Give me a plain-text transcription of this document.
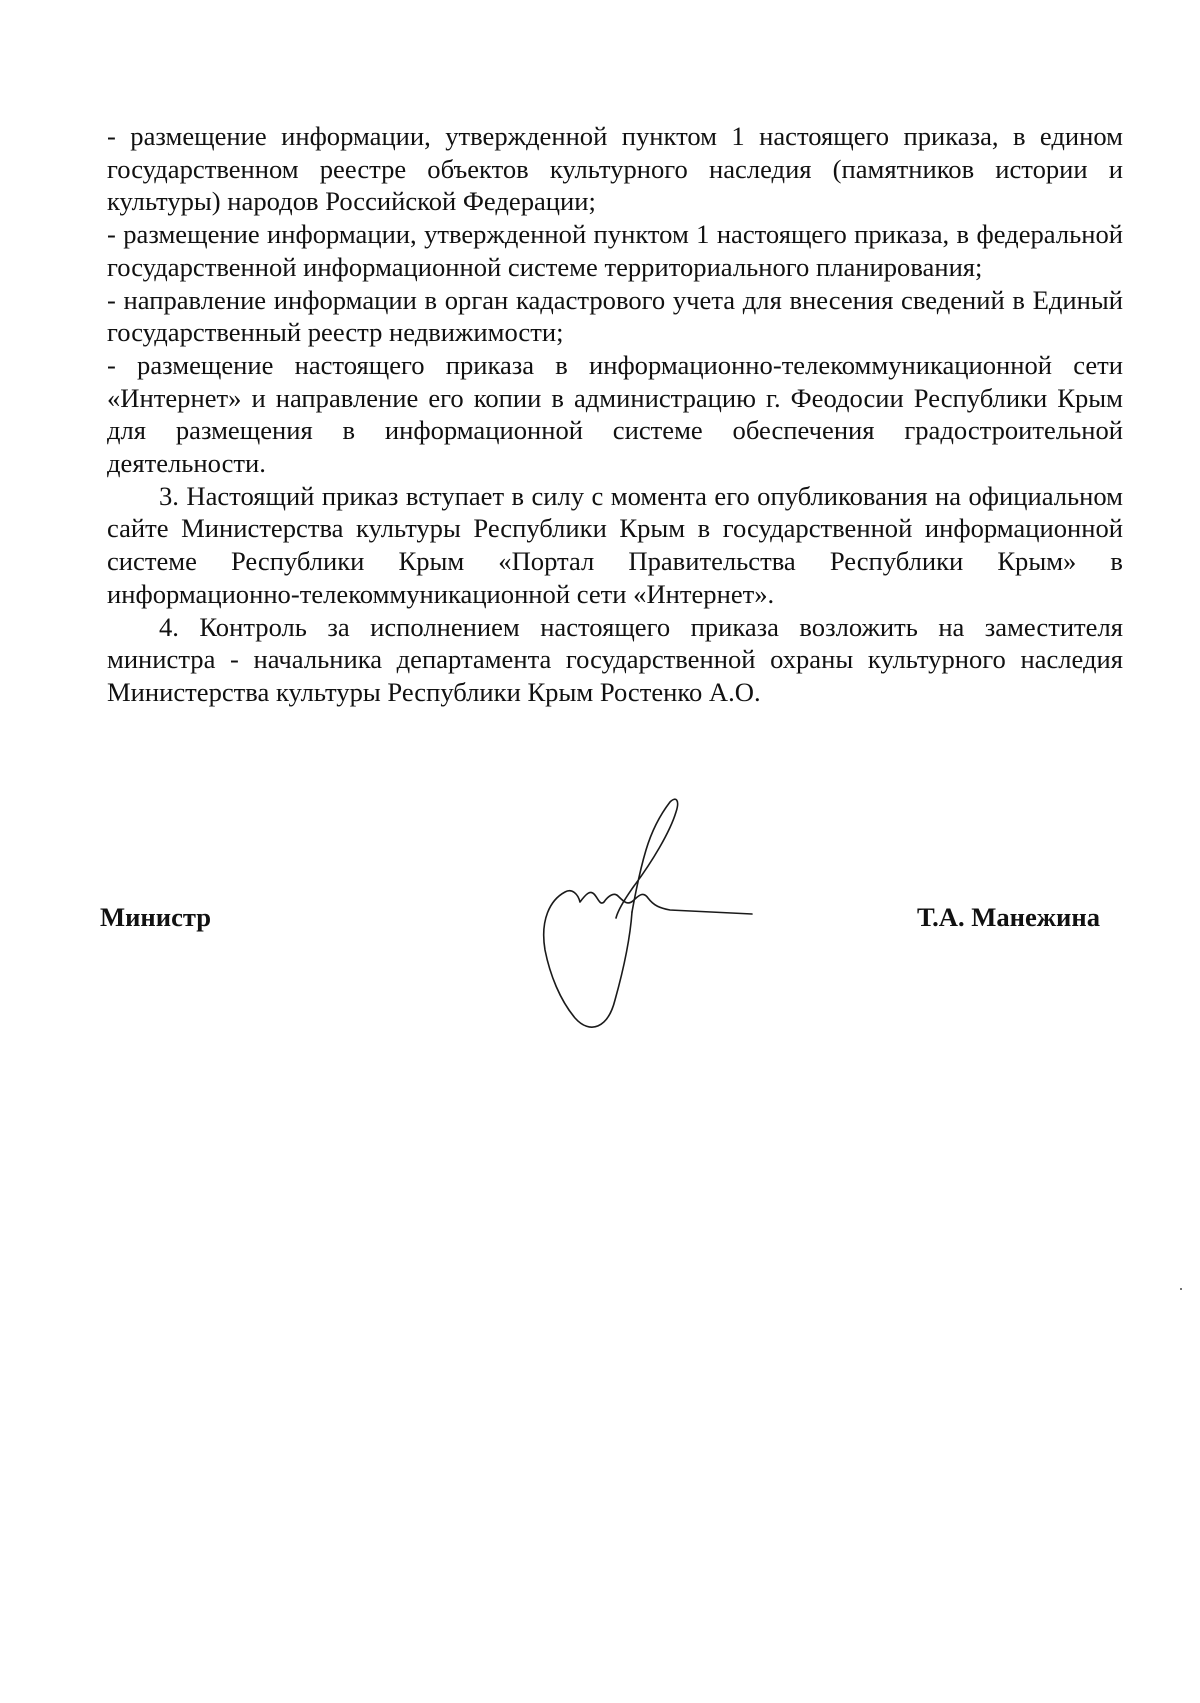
- размещение информации, утвержденной пунктом 1 настоящего приказа, в едином государственном реестре объектов культурного наследия (памятников истории и культуры) народов Российской Федерации;

- размещение информации, утвержденной пунктом 1 настоящего приказа, в федеральной государственной информационной системе территориального планирования;

- направление информации в орган кадастрового учета для внесения сведений в Единый государственный реестр недвижимости;

- размещение настоящего приказа в информационно-телекоммуникационной сети «Интернет» и направление его копии в администрацию г. Феодосии Республики Крым для размещения в информационной системе обеспечения градостроительной деятельности.

3. Настоящий приказ вступает в силу с момента его опубликования на официальном сайте Министерства культуры Республики Крым в государственной информационной системе Республики Крым «Портал Правительства Республики Крым» в информационно-телекоммуникационной сети «Интернет».

4. Контроль за исполнением настоящего приказа возложить на заместителя министра - начальника департамента государственной охраны культурного наследия Министерства культуры Республики Крым Ростенко А.О.

Министр	Т.А. Манежина
